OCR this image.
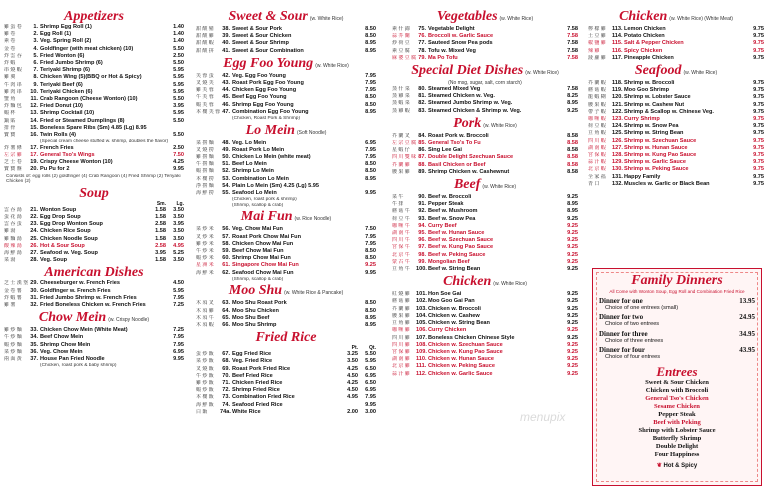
Appetizers
雞 蛋 卷	1. Shrimp Egg Roll (1)	1.40
雞 卷	2. Egg Roll (1)	1.40
素 卷	3. Veg. Spring Roll (2)	1.40
金 卷	4. Goldfinger (with meat chicken) (10)	5.50
炸 雲 吞	5. Fried Wonton (6)	2.50
炸 蝦	6. Fried Jumbo Shrimp (6)	5.50
串 燒 蝦	7. Teriyaki Shrimp (6)	5.95
雞 翼	8. Chicken Wing (5)(BBQ or Hot & Spicy)	5.95
牛 肉 串	9. Teriyaki Beef (6)	5.95
雞 肉 串	10. Teriyaki Chicken (6)	5.95
蟹 角	11. Crab Rangoon (Cheese Wonton) (10)	5.50
炸 麵 包	12. Fried Donut (10)	3.95
蝦 杯	13. Shrimp Cocktail (10)	5.95
鍋 貼	14. Fried or Steamed Dumplings (8)	5.50
排 骨	15. Boneless Spare Ribs (Sm) 4.85 (Lg) 8.95
寶 寶	16. Twin Rolls (4)	5.50
(Special cream cheese stuffed w. shrimp, doubles the flavor)
炸 薯 條	17. French Fries	2.50
左 宗 雞	17. General Tso's Wings	7.50
芝 士 卷	19. Crispy Cheese Wonton (10)	4.25
寶 寶 盤	20. Pu Pu for 2	9.95
Consists of: egg rolls (2) goldfinger (4) Crab Rangoon (4) Fried Shrimp (2) Teriyaki Chicken (2)
Soup
Sm.	Lg.
雲 吞 湯	21. Wonton Soup	1.58	3.50
蛋 花 湯	22. Egg Drop Soup	1.58	3.50
雲 吞 蛋	23. Egg Drop Wonton Soup	2.58	3.95
雞 湯	24. Chicken Rice Soup	1.58	3.50
雞 麵 湯	25. Chicken Noodle Soup	1.58	3.50
酸 辣 湯	26. Hot & Sour Soup	2.58	4.95
海 鮮 湯	27. Seafood w. Veg. Soup	3.95	5.25
菜 湯	28. Veg. Soup	1.58	3.50
American Dishes
芝 士 漢 堡 29. Cheeseburger w. French Fries	4.50
金 卷 薯	30. Goldfinger w. French Fries	5.95
炸 蝦 薯	31. Fried Jumbo Shrimp w. French Fries	7.95
雞 薯	32. Fried Boneless Chicken w. French Fries	7.25
Chow Mein (w. Crispy Noodle)
雞 炒 麵	33. Chicken Chow Mein (White Meat)	7.25
牛 炒 麵	34. Beef Chow Mein	7.95
蝦 炒 麵	35. Shrimp Chow Mein	7.95
菜 炒 麵	36. Veg. Chow Mein	6.95
兩 面 黃	37. House Pan Fried Noodle	9.95
(Chicken, roast pork & baby shrimp)
Sweet & Sour (w. White Rice)
甜 酸 豬	38. Sweet & Sour Pork	8.50
甜 酸 雞	39. Sweet & Sour Chicken	8.50
甜 酸 蝦	40. Sweet & Sour Shrimp	8.95
甜 酸 拼	41. Sweet & Sour Combination	8.95
Egg Foo Young (w. White Rice)
芙 蓉 蛋	42. Veg. Egg Foo Young	7.95
叉 燒 芙	43. Roast Pork Egg Foo Young	7.95
雞 芙 蓉	44. Chicken Egg Foo Young	7.95
牛 芙 蓉	45. Beef Egg Foo Young	8.50
蝦 芙 蓉	46. Shrimp Egg Foo Young	8.50
本 樓 芙 蓉 47. Combination Egg Foo Young	8.95
(Chicken, Roast Pork & Shrimp)
Lo Mein (Soft Noodle)
菜 撈 麵	48. Veg. Lo Mein	6.95
叉 燒 撈	49. Roast Pork Lo Mein	7.95
雞 撈 麵	50. Chicken Lo Mein (white meat)	7.95
牛 撈 麵	51. Beef Lo Mein	8.50
蝦 撈 麵	52. Shrimp Lo Mein	8.50
本 樓 撈	53. Combination Lo Mein	8.95
淨 撈 麵	54. Plain Lo Mein (Sm) 4.25 (Lg) 5.95
海 鮮 撈	55. Seafood Lo Mein	9.95
(Chicken, roast pork & shrimp)
(Shrimp, scallop & crab)
Mai Fun (w. Rice Noodle)
菜 炒 米	56. Veg. Chow Mai Fun	7.50
叉 炒 米	57. Roast Pork Chow Mai Fun	7.95
雞 炒 米	58. Chicken Chow Mai Fun	7.95
牛 炒 米	59. Beef Chow Mai Fun	8.50
蝦 炒 米	60. Shrimp Chow Mai Fun	8.50
星 洲 米	61. Singapore Chow Mai Fun	9.25
海 鮮 米	62. Seafood Chow Mai Fun	9.95
(Shrimp, scallop & crab)
Moo Shu (w. White Rice & Pancake)
木 須 叉	63. Moo Shu Roast Pork	8.50
木 須 雞	64. Moo Shu Chicken	8.50
木 須 牛	65. Moo Shu Beef	8.95
木 須 蝦	66. Moo Shu Shrimp	8.95
Fried Rice
Pt.	Qt.
蛋 炒 飯	67. Egg Fried Rice	3.25	5.50
菜 炒 飯	68. Veg. Fried Rice	3.50	5.95
叉 燒 飯	69. Roast Pork Fried Rice	4.25	6.50
牛 炒 飯	70. Beef Fried Rice	4.50	6.95
雞 炒 飯	71. Chicken Fried Rice	4.25	6.50
蝦 炒 飯	72. Shrimp Fried Rice	4.50	6.95
本 樓 飯	73. Combination Fried Rice	4.95	7.95
海 鮮 飯	74. Seafood Fried Rice	9.95
白 飯	74a. White Rice	2.00	3.00
Vegetables (w. White Rice)
素 什 錦	75. Vegetable Delight	7.58
蒜 芥 蘭	76. Broccoli w. Garlic Sauce	7.58
炒 荷 豆	77. Sauteed Snow Pea pods	7.58
素 豆 腐	78. Tofu w. Mixed Veg	7.58
麻 婆 豆 腐 79. Ma Po Tofu	7.58
Special Diet Dishes (w. White Rice)
(No msg, sugar, salt, corn starch)
蒸 什 菜	80. Steamed Mixed Veg	7.58
蒸 雞 菜	81. Steamed Chicken w. Veg.	8.25
蒸 蝦 菜	82. Steamed Jumbo Shrimp w. Veg.	8.95
蒸 雞 蝦	83. Steamed Chicken & Shrimp w. Veg.	9.25
Pork (w. White Rice)
芥 蘭 叉	84. Roast Pork w. Broccoli	8.58
左 宗 豆 腐 85. General Tso's To Fu	8.58
星 蝦 仔	86. Sing Lee Gai	8.58
四 川 雙 味 87. Double Delight Szechuan Sauce	8.58
芥 蘭 雞	88. Basil Chicken or Beef	8.58
腰 果 雞	89. Shrimp Chicken w. Cashewnut	8.58
Beef (w. White Rice)
菜 牛	90. Beef w. Broccoli	9.25
牛 排	91. Pepper Steak	8.95
蘑 菇 牛	92. Beef w. Mushroom	8.95
荷 豆 牛	93. Beef w. Snow Pea	9.25
咖 喱 牛	94. Curry Beef	9.25
湖 南 牛	95. Beef w. Hunan Sauce	9.25
四 川 牛	96. Beef w. Szechuan Sauce	9.25
宮 保 牛	97. Beef w. Kung Pao Sauce	9.25
北 京 牛	98. Beef w. Peking Sauce	9.25
蒙 古 牛	99. Mongolian Beef	9.25
豆 角 牛	100. Beef w. String Bean	9.25
Chicken (w. White Rice)
紅 燒 雞	101. Hon Soe Gai	9.25
蘑 菇 雞	102. Moo Goo Gai Pan	9.25
芥 蘭 雞	103. Chicken w. Broccoli	9.25
腰 果 雞	104. Chicken w. Cashew	9.25
豆 角 雞	105. Chicken w. String Bean	9.25
咖 喱 雞	106. Curry Chicken	9.25
四 川 雞	107. Boneless Chicken Chinese Style	9.25
四 川 雞	108. Chicken w. Szechuan Sauce	9.25
宮 保 雞	109. Chicken w. Kung Pao Sauce	9.25
湖 南 雞	110. Chicken w. Hunan Sauce	9.25
北 京 雞	111. Chicken w. Peking Sauce	9.25
蒜 汁 雞	112. Chicken w. Garlic Sauce	9.25
Chicken (w. White Rice) (White Meat)
檸 檬 雞	113. Lemon Chicken	9.75
土 豆 雞	114. Potato Chicken	9.75
椒 鹽 雞	115. Salt & Pepper Chicken	9.75
辣 雞	116. Spicy Chicken	9.75
菠 蘿 雞	117. Pineapple Chicken	9.75
Seafood (w. White Rice)
芥 蘭 蝦	118. Shrimp w. Broccoli	9.75
蘑 菇 蝦	119. Moo Goo Shrimp	9.75
龍 蝦 糊	120. Shrimp w. Lobster Sauce	9.75
腰 果 蝦	121. Shrimp w. Cashew Nut	9.75
帶 子 蝦	122. Shrimp & Scallop w. Chinese Veg.	9.75
咖 喱 蝦	123. Curry Shrimp	9.75
荷 豆 蝦	124. Shrimp w. Snow Pea	9.75
豆 角 蝦	125. Shrimp w. String Bean	9.75
四 川 蝦	126. Shrimp w. Szechuan Sauce	9.75
湖 南 蝦	127. Shrimp w. Hunan Sauce	9.75
宮 保 蝦	128. Shrimp w. Kung Pao Sauce	9.75
蒜 汁 蝦	129. Shrimp w. Garlic Sauce	9.75
北 京 蝦	130. Shrimp w. Peking Sauce	9.75
全 家 福	131. Happy Family	9.75
青 口	132. Muscles w. Garlic or Black Bean	9.75
Family Dinners
All Come with Wonton Soup, Egg Roll and Combination Fried Rice
Dinner for one	13.95
Choice of one entrees (small)
Dinner for two	24.95
Choice of two entrees
Dinner for three	34.95
Choice of three entrees
Dinner for four	43.95
Choice of four entrees
Entrees
Sweet & Sour Chicken
Chicken with Broccoli
General Tso's Chicken
Sesame Chicken
Pepper Steak
Beef with Peking
Shrimp with Lobster Sauce
Butterfly Shrimp
Double Delight
Four Happiness
❦ Hot & Spicy
menupix
